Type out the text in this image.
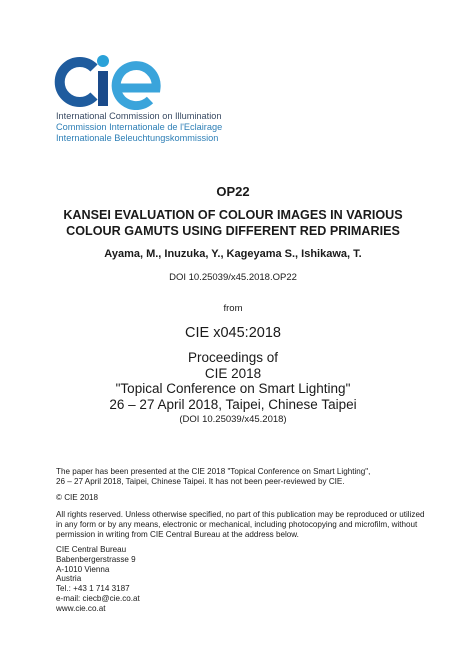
International Commission on Illumination
Commission Internationale de l'Eclairage
Internationale Beleuchtungskommission
OP22
KANSEI EVALUATION OF COLOUR IMAGES IN VARIOUS
COLOUR GAMUTS USING DIFFERENT RED PRIMARIES
Ayama, M., Inuzuka, Y., Kageyama S., Ishikawa, T.
DOI 10.25039/x45.2018.OP22
from
CIE x045:2018
Proceedings of
CIE 2018
"Topical Conference on Smart Lighting"
26 – 27 April 2018, Taipei, Chinese Taipei
(DOI 10.25039/x45.2018)
The paper has been presented at the CIE 2018 "Topical Conference on Smart Lighting",
26 – 27 April 2018, Taipei, Chinese Taipei. It has not been peer-reviewed by CIE.
© CIE 2018
All rights reserved. Unless otherwise specified, no part of this publication may be reproduced or utilized
in any form or by any means, electronic or mechanical, including photocopying and microfilm, without
permission in writing from CIE Central Bureau at the address below.
CIE Central Bureau
Babenbergerstrasse 9
A-1010 Vienna
Austria
Tel.: +43 1 714 3187
e-mail: ciecb@cie.co.at
www.cie.co.at
